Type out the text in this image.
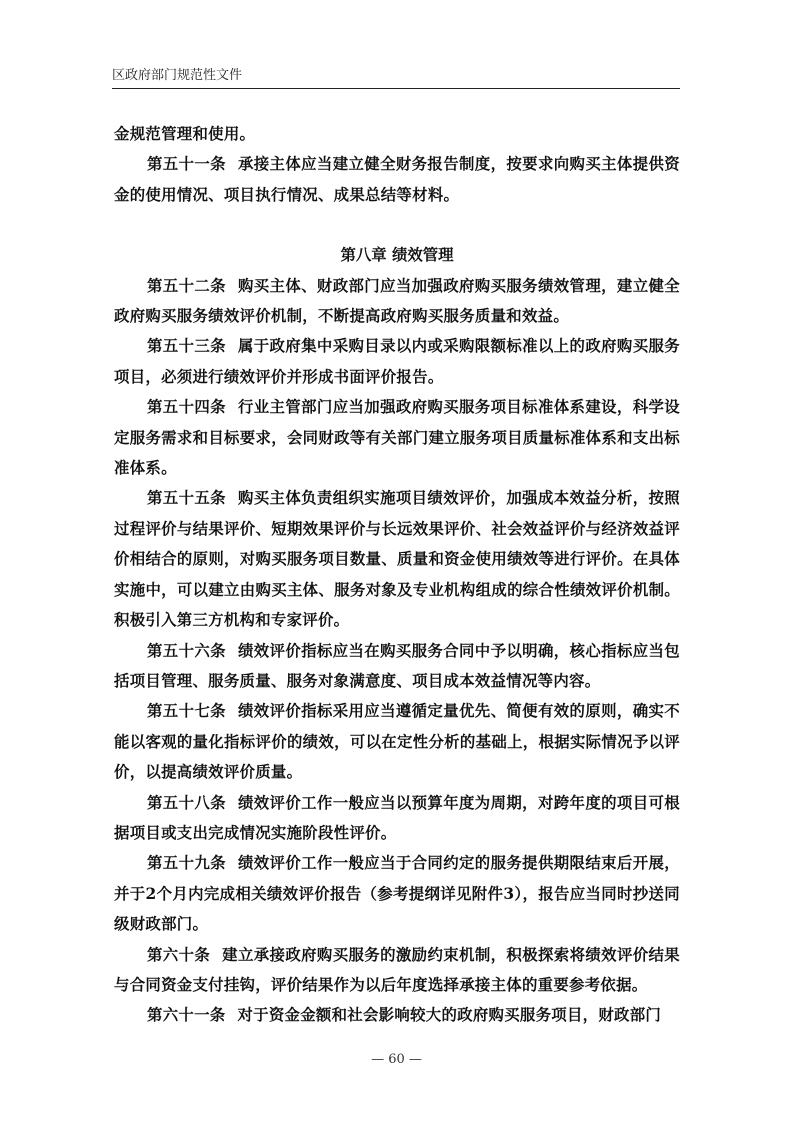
区政府部门规范性文件

金规范管理和使用。

第五十一条 承接主体应当建立健全财务报告制度，按要求向购买主体提供资金的使用情况、项目执行情况、成果总结等材料。

第八章 绩效管理

第五十二条 购买主体、财政部门应当加强政府购买服务绩效管理，建立健全政府购买服务绩效评价机制，不断提高政府购买服务质量和效益。

第五十三条 属于政府集中采购目录以内或采购限额标准以上的政府购买服务项目，必须进行绩效评价并形成书面评价报告。

第五十四条 行业主管部门应当加强政府购买服务项目标准体系建设，科学设定服务需求和目标要求，会同财政等有关部门建立服务项目质量标准体系和支出标准体系。

第五十五条 购买主体负责组织实施项目绩效评价，加强成本效益分析，按照过程评价与结果评价、短期效果评价与长远效果评价、社会效益评价与经济效益评价相结合的原则，对购买服务项目数量、质量和资金使用绩效等进行评价。在具体实施中，可以建立由购买主体、服务对象及专业机构组成的综合性绩效评价机制。积极引入第三方机构和专家评价。

第五十六条 绩效评价指标应当在购买服务合同中予以明确，核心指标应当包括项目管理、服务质量、服务对象满意度、项目成本效益情况等内容。

第五十七条 绩效评价指标采用应当遵循定量优先、简便有效的原则，确实不能以客观的量化指标评价的绩效，可以在定性分析的基础上，根据实际情况予以评价，以提高绩效评价质量。

第五十八条 绩效评价工作一般应当以预算年度为周期，对跨年度的项目可根据项目或支出完成情况实施阶段性评价。

第五十九条 绩效评价工作一般应当于合同约定的服务提供期限结束后开展，并于2个月内完成相关绩效评价报告（参考提纲详见附件3），报告应当同时抄送同级财政部门。

第六十条 建立承接政府购买服务的激励约束机制，积极探索将绩效评价结果与合同资金支付挂钩，评价结果作为以后年度选择承接主体的重要参考依据。

第六十一条 对于资金金额和社会影响较大的政府购买服务项目，财政部门

— 60 —
